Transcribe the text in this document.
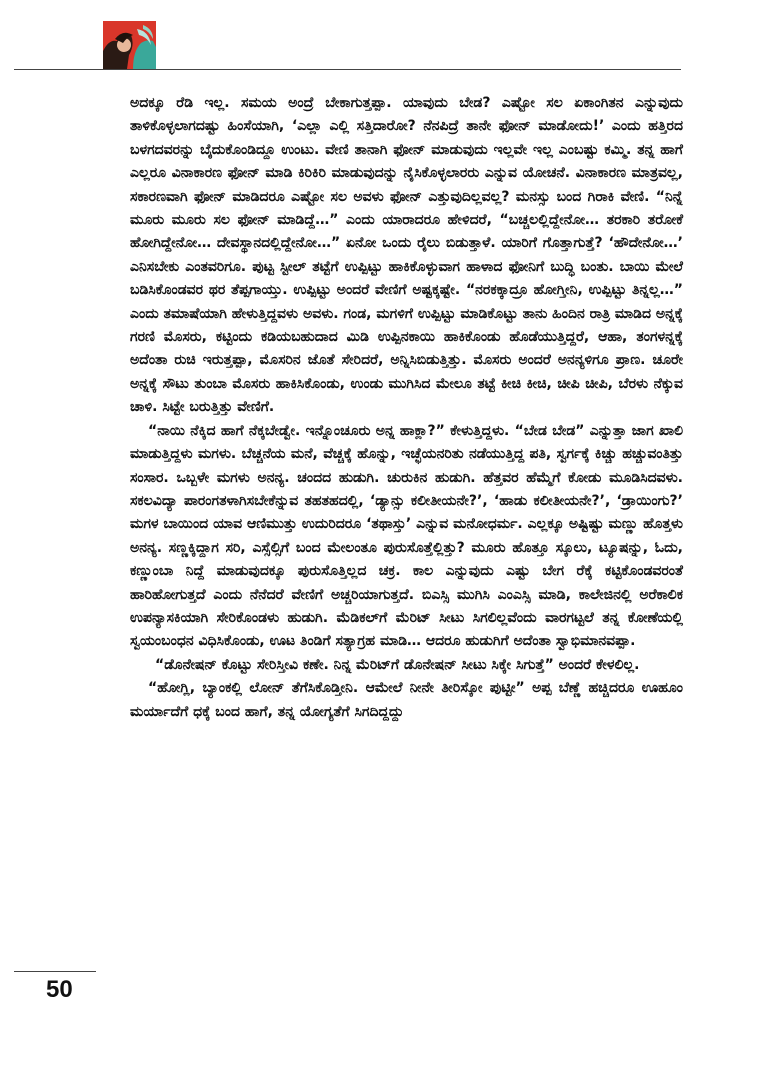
ಅದಕ್ಕೂ ರೆಡಿ ಇಲ್ಲ. ಸಮಯ ಅಂದ್ರೆ ಬೇಕಾಗುತ್ತಪ್ಪಾ. ಯಾವುದು ಬೇಡ? ಎಷ್ಟೋ ಸಲ ಏಕಾಂಗಿತನ ಎನ್ನುವುದು ತಾಳಿಕೊಳ್ಳಲಾಗದಷ್ಟು ಹಿಂಸೆಯಾಗಿ, ‘ಎಲ್ಲಾ ಎಲ್ಲಿ ಸತ್ತಿದಾರೋ? ನೆನಪಿದ್ರೆ ತಾನೇ ಫೋನ್ ಮಾಡೋದು!’ ಎಂದು ಹತ್ತಿರದ ಬಳಗದವರನ್ನು ಬೈದುಕೊಂಡಿದ್ದೂ ಉಂಟು. ವೇಣಿ ತಾನಾಗಿ ಫೋನ್ ಮಾಡುವುದು ಇಲ್ಲವೇ ಇಲ್ಲ ಎಂಬಷ್ಟು ಕಮ್ಮಿ. ತನ್ನ ಹಾಗೆ ಎಲ್ಲರೂ ವಿನಾಕಾರಣ ಫೋನ್ ಮಾಡಿ ಕಿರಿಕಿರಿ ಮಾಡುವುದನ್ನು ನೈಸಿಕೊಳ್ಳಲಾರರು ಎನ್ನುವ ಯೋಚನೆ. ವಿನಾಕಾರಣ ಮಾತ್ರವಲ್ಲ, ಸಕಾರಣವಾಗಿ ಫೋನ್ ಮಾಡಿದರೂ ಎಷ್ಟೋ ಸಲ ಅವಳು ಫೋನ್ ಎತ್ತುವುದಿಲ್ಲವಲ್ಲ? ಮನಸ್ಸು ಬಂದ ಗಿರಾಕಿ ವೇಣಿ. “ನಿನ್ನೆ ಮೂರು ಮೂರು ಸಲ ಫೋನ್ ಮಾಡಿದ್ದೆ…” ಎಂದು ಯಾರಾದರೂ ಹೇಳಿದರೆ, “ಬಚ್ಚಲಲ್ಲಿದ್ದೇನೋ… ತರಕಾರಿ ತರೋಕೆ ಹೋಗಿದ್ದೇನೋ… ದೇವಸ್ಥಾನದಲ್ಲಿದ್ದೇನೋ…” ಏನೋ ಒಂದು ರೈಲು ಬಿಡುತ್ತಾಳೆ. ಯಾರಿಗೆ ಗೊತ್ತಾಗುತ್ತೆ? ‘ಹೌದೇನೋ…’ ಎನಿಸಬೇಕು ಎಂತವರಿಗೂ. ಪುಟ್ಟ ಸ್ಟೀಲ್ ತಟ್ಟೆಗೆ ಉಪ್ಪಿಟ್ಟು ಹಾಕಿಕೊಳ್ಳುವಾಗ ಹಾಳಾದ ಫೋನಿಗೆ ಬುದ್ಧಿ ಬಂತು. ಬಾಯಿ ಮೇಲೆ ಬಡಿಸಿಕೊಂಡವರ ಥರ ತೆಪ್ಪಗಾಯ್ತು. ಉಪ್ಪಿಟ್ಟು ಅಂದರೆ ವೇಣಿಗೆ ಅಷ್ಟಕ್ಕಷ್ಟೇ. “ನರಕಕ್ಕಾದ್ರೂ ಹೋಗ್ತೀನಿ, ಉಪ್ಪಿಟ್ಟು ತಿನ್ನಲ್ಲ…” ಎಂದು ತಮಾಷೆಯಾಗಿ ಹೇಳುತ್ತಿದ್ದವಳು ಅವಳು. ಗಂಡ, ಮಗಳಿಗೆ ಉಪ್ಪಿಟ್ಟು ಮಾಡಿಕೊಟ್ಟು ತಾನು ಹಿಂದಿನ ರಾತ್ರಿ ಮಾಡಿದ ಅನ್ನಕ್ಕೆ ಗರಣಿ ಮೊಸರು, ಕಟ್ಟಿಂದು ಕಡಿಯಬಹುದಾದ ಮಿಡಿ ಉಪ್ಪಿನಕಾಯಿ ಹಾಕಿಕೊಂಡು ಹೊಡೆಯುತ್ತಿದ್ದರೆ, ಆಹಾ, ತಂಗಳನ್ನಕ್ಕೆ ಅದೆಂತಾ ರುಚಿ ಇರುತ್ತಪ್ಪಾ, ಮೊಸರಿನ ಜೊತೆ ಸೇರಿದರೆ, ಅನ್ನಿಸಿಬಿಡುತ್ತಿತ್ತು. ಮೊಸರು ಅಂದರೆ ಅನನ್ಯಳಿಗೂ ಪ್ರಾಣ. ಚೂರೇ ಅನ್ನಕ್ಕೆ ಸೌಟು ತುಂಬಾ ಮೊಸರು ಹಾಕಿಸಿಕೊಂಡು, ಉಂಡು ಮುಗಿಸಿದ ಮೇಲೂ ತಟ್ಟೆ ಕೀಚಿ ಕೀಚಿ, ಚೀಪಿ ಚೀಪಿ, ಬೆರಳು ನೆಕ್ಕುವ ಚಾಳಿ. ಸಿಟ್ಟೇ ಬರುತ್ತಿತ್ತು ವೇಣಿಗೆ.

“ನಾಯಿ ನೆಕ್ಕಿದ ಹಾಗೆ ನೆಕ್ಕಬೇಡ್ವೇ. ಇನ್ನೊಂಚೂರು ಅನ್ನ ಹಾಕ್ಲಾ?” ಕೇಳುತ್ತಿದ್ದಳು. “ಬೇಡ ಬೇಡ” ಎನ್ನುತ್ತಾ ಜಾಗ ಖಾಲಿ ಮಾಡುತ್ತಿದ್ದಳು ಮಗಳು. ಬೆಚ್ಚನೆಯ ಮನೆ, ವೆಚ್ಚಕ್ಕೆ ಹೊನ್ನು, ಇಚ್ಛೆಯನರಿತು ನಡೆಯುತ್ತಿದ್ದ ಪತಿ, ಸ್ವರ್ಗಕ್ಕೆ ಕಿಚ್ಚು ಹಚ್ಚುವಂತಿತ್ತು ಸಂಸಾರ. ಒಬ್ಬಳೇ ಮಗಳು ಅನನ್ಯ. ಚಂದದ ಹುಡುಗಿ. ಚುರುಕಿನ ಹುಡುಗಿ. ಹೆತ್ತವರ ಹೆಮ್ಮೆಗೆ ಕೋಡು ಮೂಡಿಸಿದವಳು. ಸಕಲವಿದ್ಯಾ ಪಾರಂಗತಳಾಗಿಸಬೇಕೆನ್ನುವ ತಹತಹದಲ್ಲಿ, ‘ಡ್ಯಾನ್ಸು ಕಲೀತೀಯನೇ?’, ‘ಹಾಡು ಕಲೀತೀಯನೇ?’, ‘ಡ್ರಾಯಿಂಗು?’ ಮಗಳ ಬಾಯಿಂದ ಯಾವ ಆಣಿಮುತ್ತು ಉದುರಿದರೂ ‘ತಥಾಸ್ತು’ ಎನ್ನುವ ಮನೋಧರ್ಮ. ಎಲ್ಲಕ್ಕೂ ಅಷ್ಟಿಷ್ಟು ಮಣ್ಣು ಹೊತ್ತಳು ಅನನ್ಯ. ಸಣ್ಣಕ್ಕಿದ್ದಾಗ ಸರಿ, ಎಸ್ಸೆಲ್ಸಿಗೆ ಬಂದ ಮೇಲಂತೂ ಪುರುಸೊತ್ತೆಲ್ಲಿತ್ತು? ಮೂರು ಹೊತ್ತೂ ಸ್ಕೂಲು, ಟ್ಯೂಷನ್ನು, ಓದು, ಕಣ್ಣುಂಬಾ ನಿದ್ದೆ ಮಾಡುವುದಕ್ಕೂ ಪುರುಸೊತ್ತಿಲ್ಲದ ಚಕ್ರ. ಕಾಲ ಎನ್ನುವುದು ಎಷ್ಟು ಬೇಗ ರೆಕ್ಕೆ ಕಟ್ಟಿಕೊಂಡವರಂತೆ ಹಾರಿಹೋಗುತ್ತದೆ ಎಂದು ನೆನೆದರೆ ವೇಣಿಗೆ ಅಚ್ಚರಿಯಾಗುತ್ತದೆ. ಬಿಎಸ್ಸಿ ಮುಗಿಸಿ ಎಂಎಸ್ಸಿ ಮಾಡಿ, ಕಾಲೇಜಿನಲ್ಲಿ ಅರೆಕಾಲಿಕ ಉಪನ್ಯಾಸಕಿಯಾಗಿ ಸೇರಿಕೊಂಡಳು ಹುಡುಗಿ. ಮೆಡಿಕಲ್‌ಗೆ ಮೆರಿಟ್ ಸೀಟು ಸಿಗಲಿಲ್ಲವೆಂದು ವಾರಗಟ್ಟಲೆ ತನ್ನ ಕೋಣೆಯಲ್ಲಿ ಸ್ವಯಂಬಂಧನ ವಿಧಿಸಿಕೊಂಡು, ಊಟ ತಿಂಡಿಗೆ ಸತ್ಯಾಗ್ರಹ ಮಾಡಿ… ಆದರೂ ಹುಡುಗಿಗೆ ಅದೆಂತಾ ಸ್ವಾಭಿಮಾನವಪ್ಪಾ.

“ಡೊನೇಷನ್ ಕೊಟ್ಟು ಸೇರಿಸ್ತೀವಿ ಕಣೇ. ನಿನ್ನ ಮೆರಿಟ್‌ಗೆ ಡೊನೇಷನ್ ಸೀಟು ಸಿಕ್ಕೇ ಸಿಗುತ್ತೆ” ಅಂದರೆ ಕೇಳಲಿಲ್ಲ.

“ಹೋಗ್ಲಿ, ಬ್ಯಾಂಕಲ್ಲಿ ಲೋನ್ ತೆಗೆಸಿಕೊಡ್ತೀನಿ. ಆಮೇಲೆ ನೀನೇ ತೀರಿಸ್ಕೋ ಪುಟ್ಟೀ” ಅಪ್ಪ ಬೆಣ್ಣೆ ಹಚ್ಚಿದರೂ ಊಹೂಂ ಮರ್ಯಾದೆಗೆ ಧಕ್ಕೆ ಬಂದ ಹಾಗೆ, ತನ್ನ ಯೋಗ್ಯತೆಗೆ ಸಿಗದಿದ್ದದ್ದು

50
